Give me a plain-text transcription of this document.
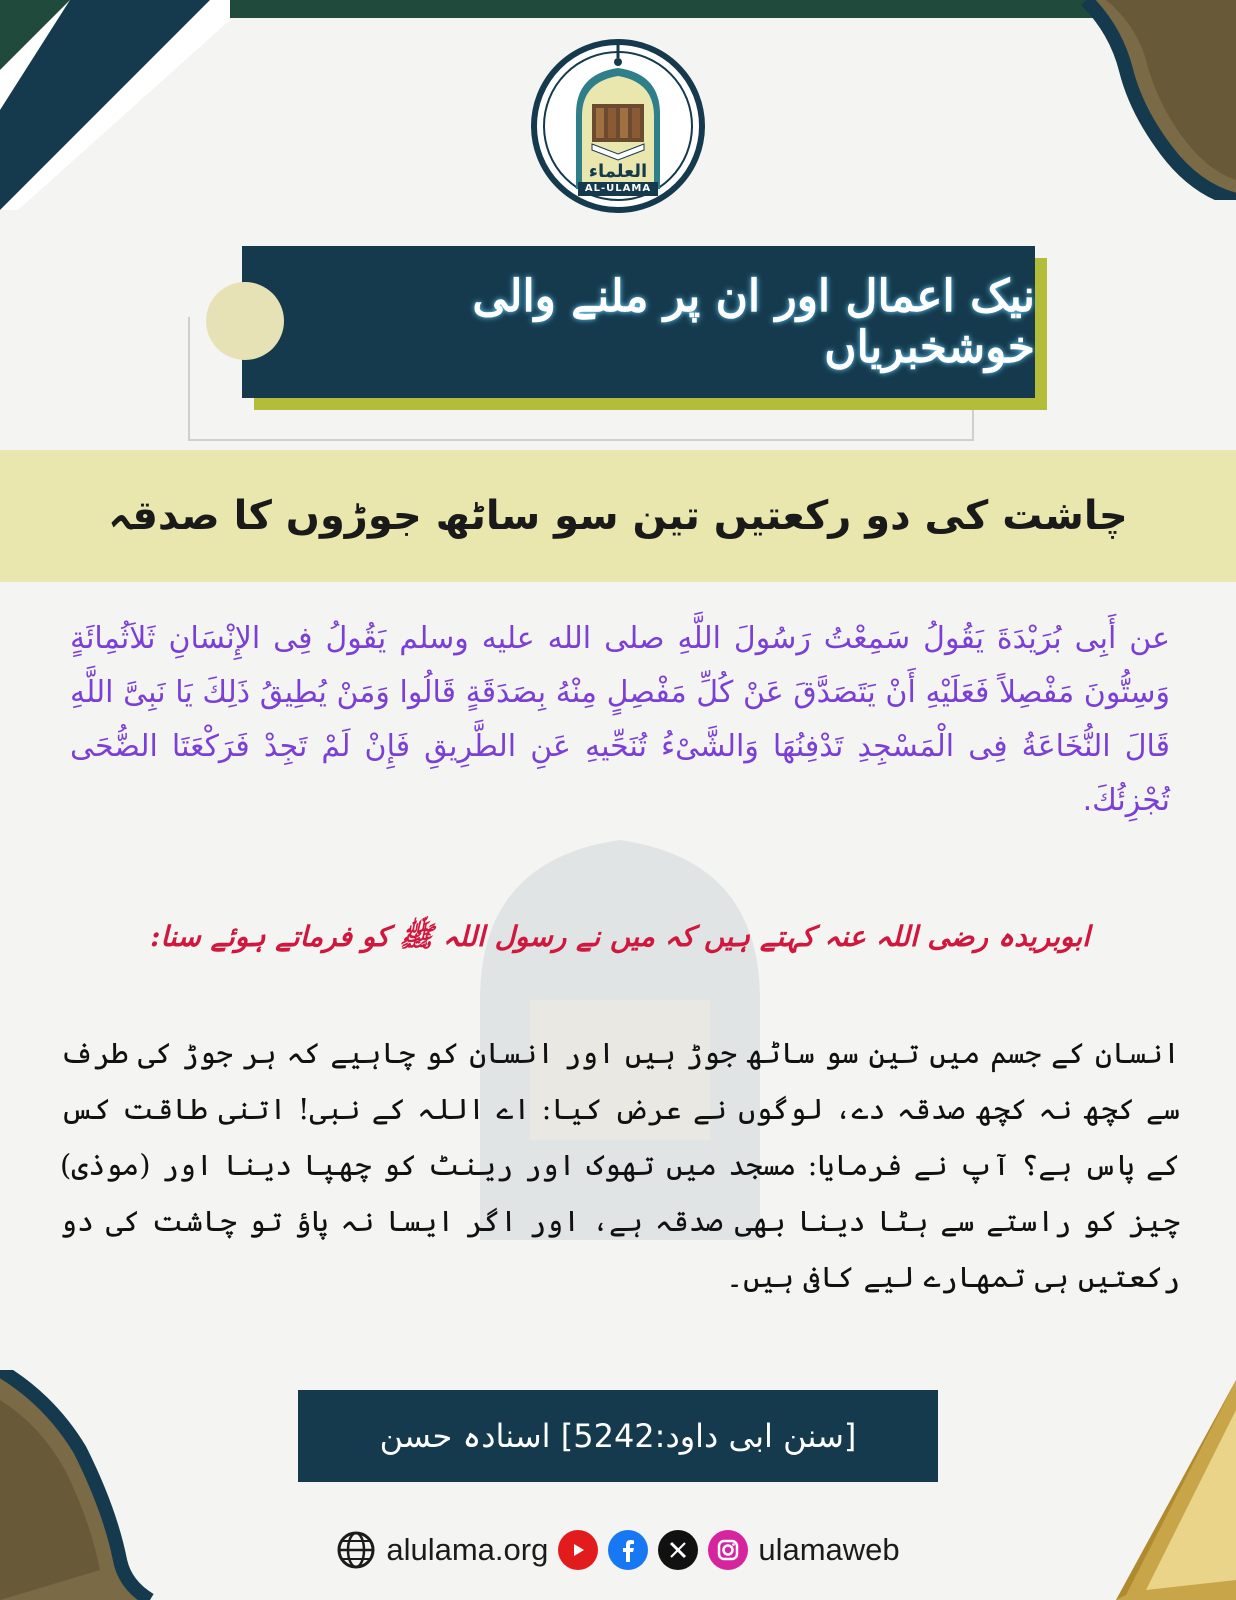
العلماء
AL-ULAMA
نیک اعمال اور ان پر ملنے والی خوشخبریاں
چاشت کی دو رکعتیں تین سو ساٹھ جوڑوں کا صدقہ
عن أَبِى بُرَيْدَةَ يَقُولُ سَمِعْتُ رَسُولَ اللَّهِ صلى الله عليه وسلم يَقُولُ فِى الإِنْسَانِ ثَلاَثُمِائَةٍ وَسِتُّونَ مَفْصِلاً فَعَلَيْهِ أَنْ يَتَصَدَّقَ عَنْ كُلِّ مَفْصِلٍ مِنْهُ بِصَدَقَةٍ قَالُوا وَمَنْ يُطِيقُ ذَلِكَ يَا نَبِىَّ اللَّهِ قَالَ النُّخَاعَةُ فِى الْمَسْجِدِ تَدْفِنُهَا وَالشَّىْءُ تُنَحِّيهِ عَنِ الطَّرِيقِ فَإِنْ لَمْ تَجِدْ فَرَكْعَتَا الضُّحَى تُجْزِئُكَ.
ابوبریدہ رضی اللہ عنہ کہتے ہیں کہ میں نے رسول اللہ ﷺ کو فرماتے ہوئے سنا:
انسان کے جسم میں تین سو ساٹھ جوڑ ہیں اور انسان کو چاہیے کہ ہر جوڑ کی طرف سے کچھ نہ کچھ صدقہ دے، لوگوں نے عرض کیا: اے اللہ کے نبی! اتنی طاقت کس کے پاس ہے؟ آپ نے فرمایا: مسجد میں تھوک اور رینٹ کو چھپا دینا اور (موذی) چیز کو راستے سے ہٹا دینا بھی صدقہ ہے، اور اگر ایسا نہ پاؤ تو چاشت کی دو رکعتیں ہی تمھارے لیے کافی ہیں۔
[سنن ابی داود:5242] اسنادہ حسن
alulama.org	ulamaweb
